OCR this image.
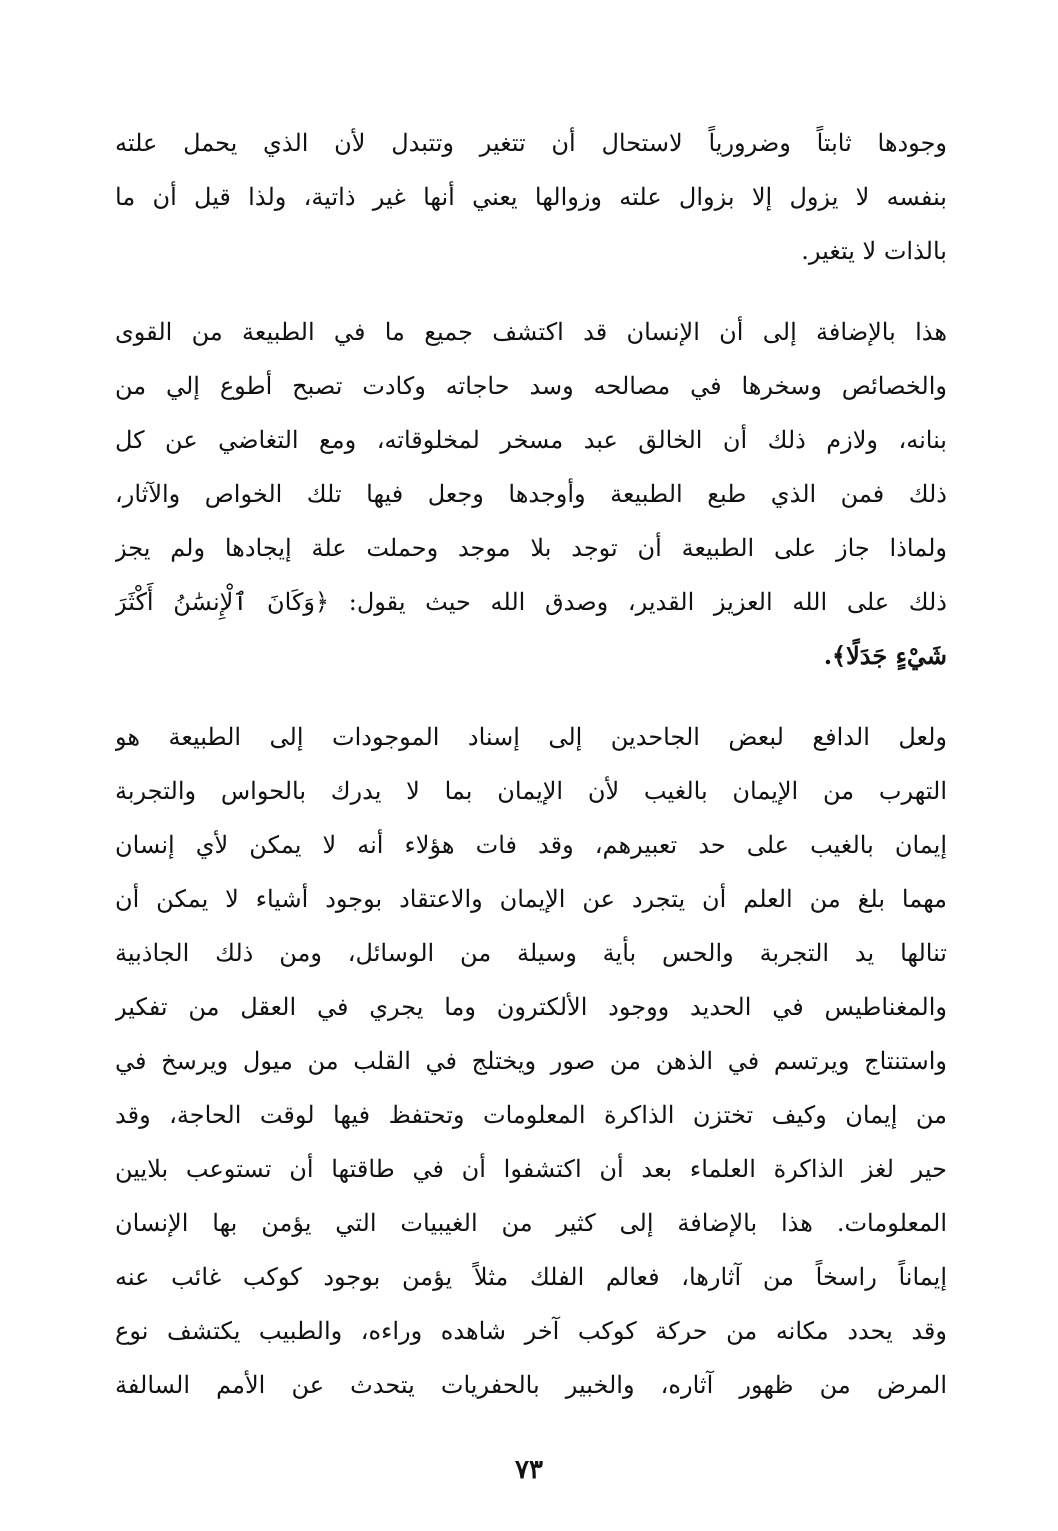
وجودها ثابتاً وضرورياً لاستحال أن تتغير وتتبدل لأن الذي يحمل علته
بنفسه لا يزول إلا بزوال علته وزوالها يعني أنها غير ذاتية، ولذا قيل أن ما
بالذات لا يتغير.
هذا بالإضافة إلى أن الإنسان قد اكتشف جميع ما في الطبيعة من القوى
والخصائص وسخرها في مصالحه وسد حاجاته وكادت تصبح أطوع إلي من
بنانه، ولازم ذلك أن الخالق عبد مسخر لمخلوقاته، ومع التغاضي عن كل
ذلك فمن الذي طبع الطبيعة وأوجدها وجعل فيها تلك الخواص والآثار،
ولماذا جاز على الطبيعة أن توجد بلا موجد وحملت علة إيجادها ولم يجز
ذلك على الله العزيز القدير، وصدق الله حيث يقول: ﴿وَكَانَ ٱلْإِنسَٰنُ أَكْثَرَ
شَيْءٍ جَدَلًا﴾.
ولعل الدافع لبعض الجاحدين إلى إسناد الموجودات إلى الطبيعة هو
التهرب من الإيمان بالغيب لأن الإيمان بما لا يدرك بالحواس والتجربة
إيمان بالغيب على حد تعبيرهم، وقد فات هؤلاء أنه لا يمكن لأي إنسان
مهما بلغ من العلم أن يتجرد عن الإيمان والاعتقاد بوجود أشياء لا يمكن أن
تنالها يد التجربة والحس بأية وسيلة من الوسائل، ومن ذلك الجاذبية
والمغناطيس في الحديد ووجود الألكترون وما يجري في العقل من تفكير
واستنتاج ويرتسم في الذهن من صور ويختلج في القلب من ميول ويرسخ في
من إيمان وكيف تختزن الذاكرة المعلومات وتحتفظ فيها لوقت الحاجة، وقد
حير لغز الذاكرة العلماء بعد أن اكتشفوا أن في طاقتها أن تستوعب بلايين
المعلومات. هذا بالإضافة إلى كثير من الغيبيات التي يؤمن بها الإنسان
إيماناً راسخاً من آثارها، فعالم الفلك مثلاً يؤمن بوجود كوكب غائب عنه
وقد يحدد مكانه من حركة كوكب آخر شاهده وراءه، والطبيب يكتشف نوع
المرض من ظهور آثاره، والخبير بالحفريات يتحدث عن الأمم السالفة
٧٣
